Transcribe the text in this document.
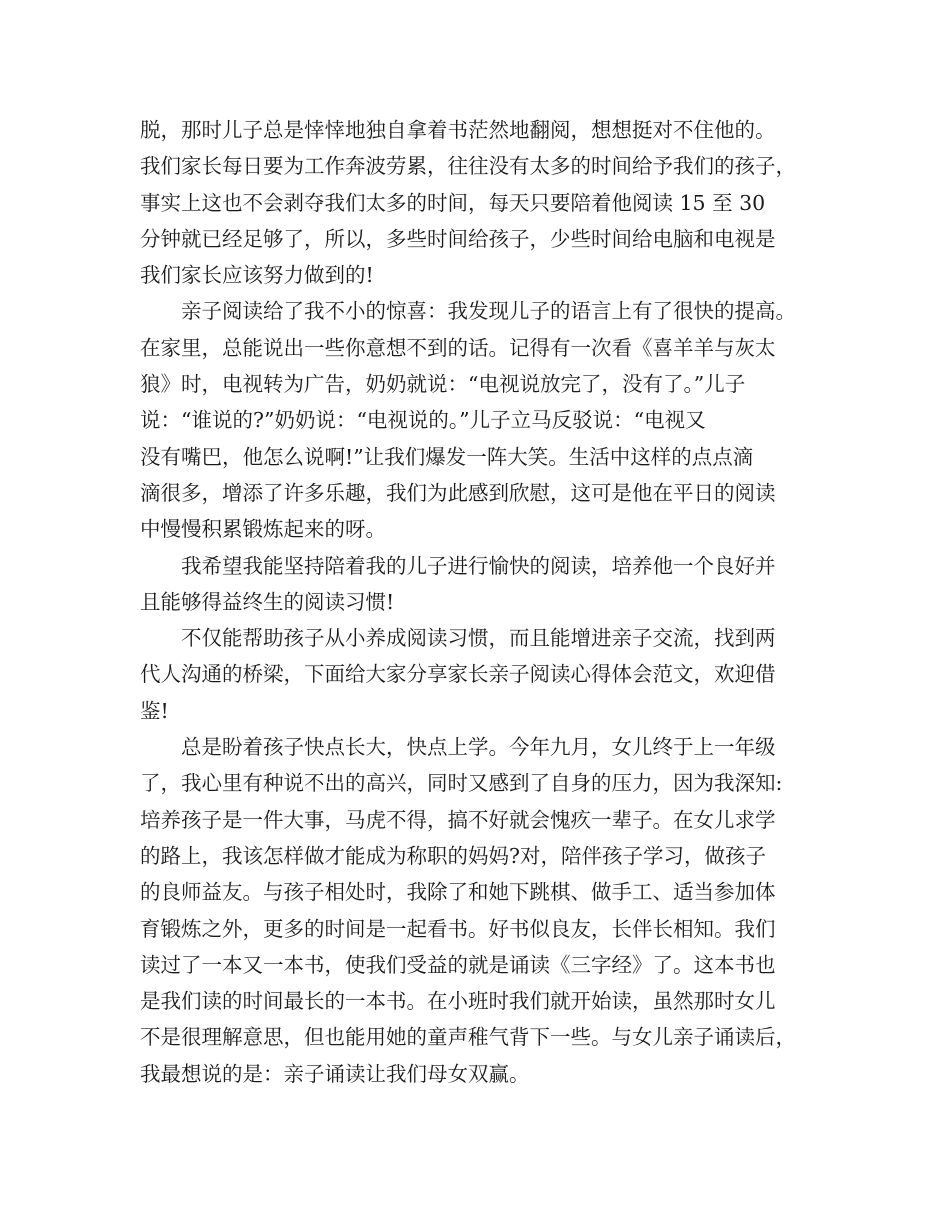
脱，那时儿子总是悻悻地独自拿着书茫然地翻阅，想想挺对不住他的。
我们家长每日要为工作奔波劳累，往往没有太多的时间给予我们的孩子，
事实上这也不会剥夺我们太多的时间，每天只要陪着他阅读 15 至 30
分钟就已经足够了，所以，多些时间给孩子，少些时间给电脑和电视是
我们家长应该努力做到的!
亲子阅读给了我不小的惊喜：我发现儿子的语言上有了很快的提高。
在家里，总能说出一些你意想不到的话。记得有一次看《喜羊羊与灰太
狼》时，电视转为广告，奶奶就说：“电视说放完了，没有了。”儿子
说：“谁说的?”奶奶说：“电视说的。”儿子立马反驳说：“电视又
没有嘴巴，他怎么说啊!”让我们爆发一阵大笑。生活中这样的点点滴
滴很多，增添了许多乐趣，我们为此感到欣慰，这可是他在平日的阅读
中慢慢积累锻炼起来的呀。
我希望我能坚持陪着我的儿子进行愉快的阅读，培养他一个良好并
且能够得益终生的阅读习惯!
不仅能帮助孩子从小养成阅读习惯，而且能增进亲子交流，找到两
代人沟通的桥梁，下面给大家分享家长亲子阅读心得体会范文，欢迎借
鉴!
总是盼着孩子快点长大，快点上学。今年九月，女儿终于上一年级
了，我心里有种说不出的高兴，同时又感到了自身的压力，因为我深知:
培养孩子是一件大事，马虎不得，搞不好就会愧疚一辈子。在女儿求学
的路上，我该怎样做才能成为称职的妈妈?对，陪伴孩子学习，做孩子
的良师益友。与孩子相处时，我除了和她下跳棋、做手工、适当参加体
育锻炼之外，更多的时间是一起看书。好书似良友，长伴长相知。我们
读过了一本又一本书，使我们受益的就是诵读《三字经》了。这本书也
是我们读的时间最长的一本书。在小班时我们就开始读，虽然那时女儿
不是很理解意思，但也能用她的童声稚气背下一些。与女儿亲子诵读后，
我最想说的是：亲子诵读让我们母女双赢。
